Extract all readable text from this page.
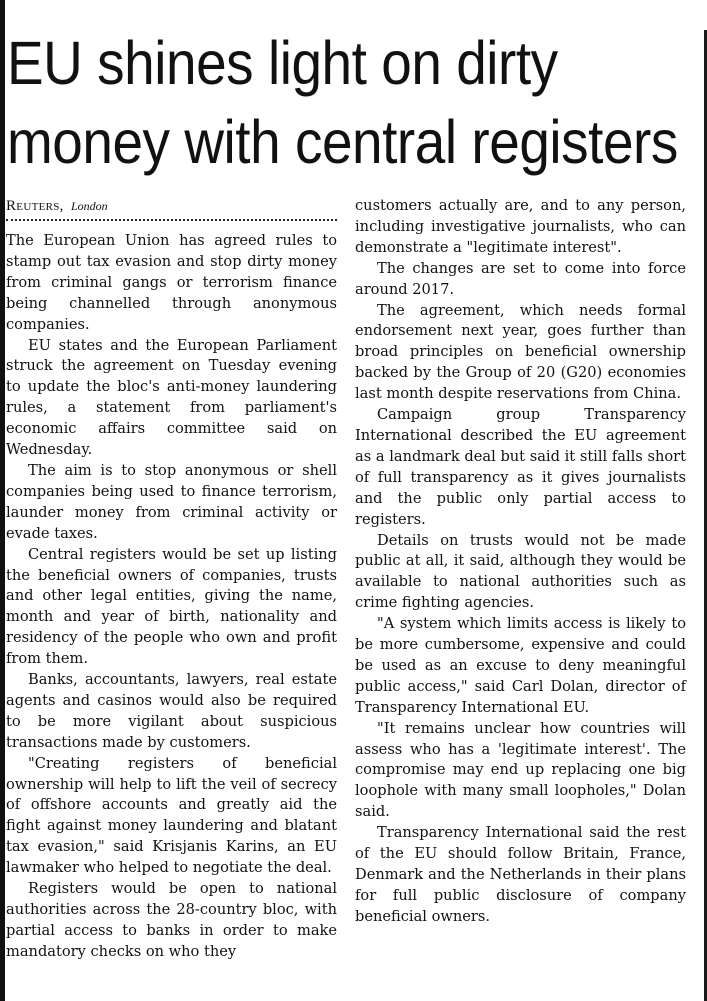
EU shines light on dirty money with central registers
Reuters, London

The European Union has agreed rules to stamp out tax evasion and stop dirty money from criminal gangs or terrorism finance being channelled through anonymous companies.

EU states and the European Parliament struck the agreement on Tuesday evening to update the bloc's anti-money laundering rules, a statement from parliament's economic affairs committee said on Wednesday.

The aim is to stop anonymous or shell companies being used to finance terrorism, launder money from criminal activity or evade taxes.

Central registers would be set up listing the beneficial owners of companies, trusts and other legal entities, giving the name, month and year of birth, nationality and residency of the people who own and profit from them.

Banks, accountants, lawyers, real estate agents and casinos would also be required to be more vigilant about suspicious transactions made by customers.

"Creating registers of beneficial ownership will help to lift the veil of secrecy of offshore accounts and greatly aid the fight against money laundering and blatant tax evasion," said Krisjanis Karins, an EU lawmaker who helped to negotiate the deal.

Registers would be open to national authorities across the 28-country bloc, with partial access to banks in order to make mandatory checks on who they

customers actually are, and to any person, including investigative journalists, who can demonstrate a "legitimate interest".

The changes are set to come into force around 2017.

The agreement, which needs formal endorsement next year, goes further than broad principles on beneficial ownership backed by the Group of 20 (G20) economies last month despite reservations from China.

Campaign group Transparency International described the EU agreement as a landmark deal but said it still falls short of full transparency as it gives journalists and the public only partial access to registers.

Details on trusts would not be made public at all, it said, although they would be available to national authorities such as crime fighting agencies.

"A system which limits access is likely to be more cumbersome, expensive and could be used as an excuse to deny meaningful public access," said Carl Dolan, director of Transparency International EU.

"It remains unclear how countries will assess who has a 'legitimate interest'. The compromise may end up replacing one big loophole with many small loopholes," Dolan said.

Transparency International said the rest of the EU should follow Britain, France, Denmark and the Netherlands in their plans for full public disclosure of company beneficial owners.
